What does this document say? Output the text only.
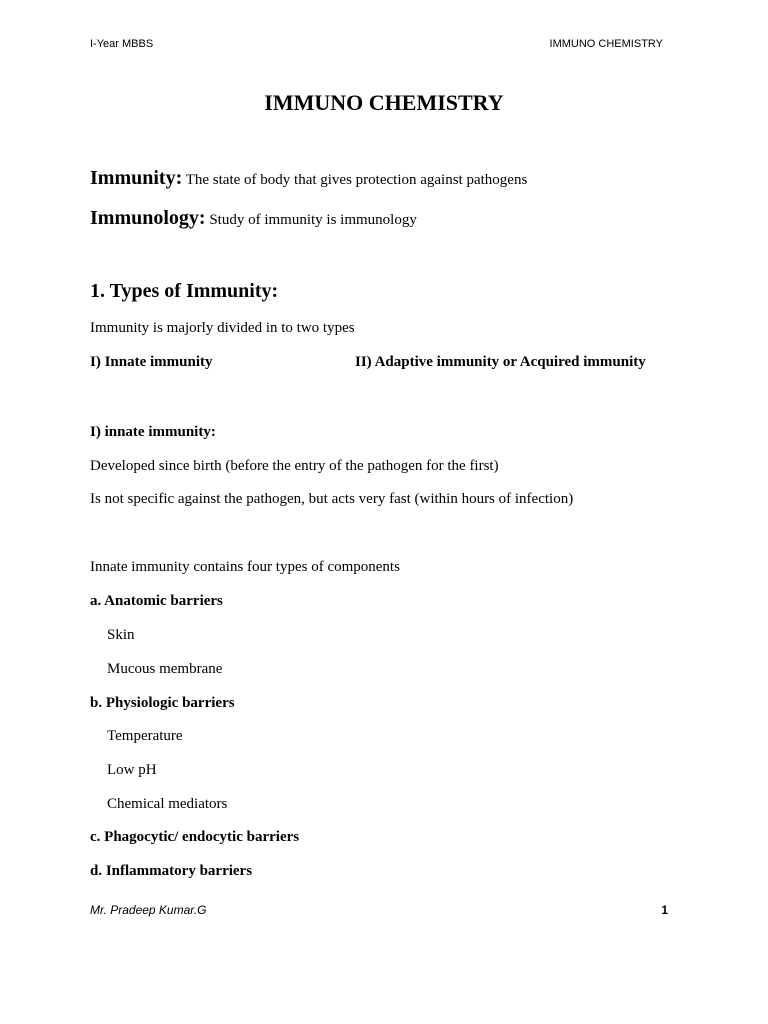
I-Year MBBS	IMMUNO CHEMISTRY
IMMUNO CHEMISTRY
Immunity: The state of body that gives protection against pathogens
Immunology: Study of immunity is immunology
1. Types of Immunity:
Immunity is majorly divided in to two types
I) Innate immunity	II) Adaptive immunity or Acquired immunity
I) innate immunity:
Developed since birth (before the entry of the pathogen for the first)
Is not specific against the pathogen, but acts very fast (within hours of infection)
Innate immunity contains four types of components
a. Anatomic barriers
Skin
Mucous membrane
b. Physiologic barriers
Temperature
Low pH
Chemical mediators
c. Phagocytic/ endocytic barriers
d. Inflammatory barriers
Mr. Pradeep Kumar.G	1
